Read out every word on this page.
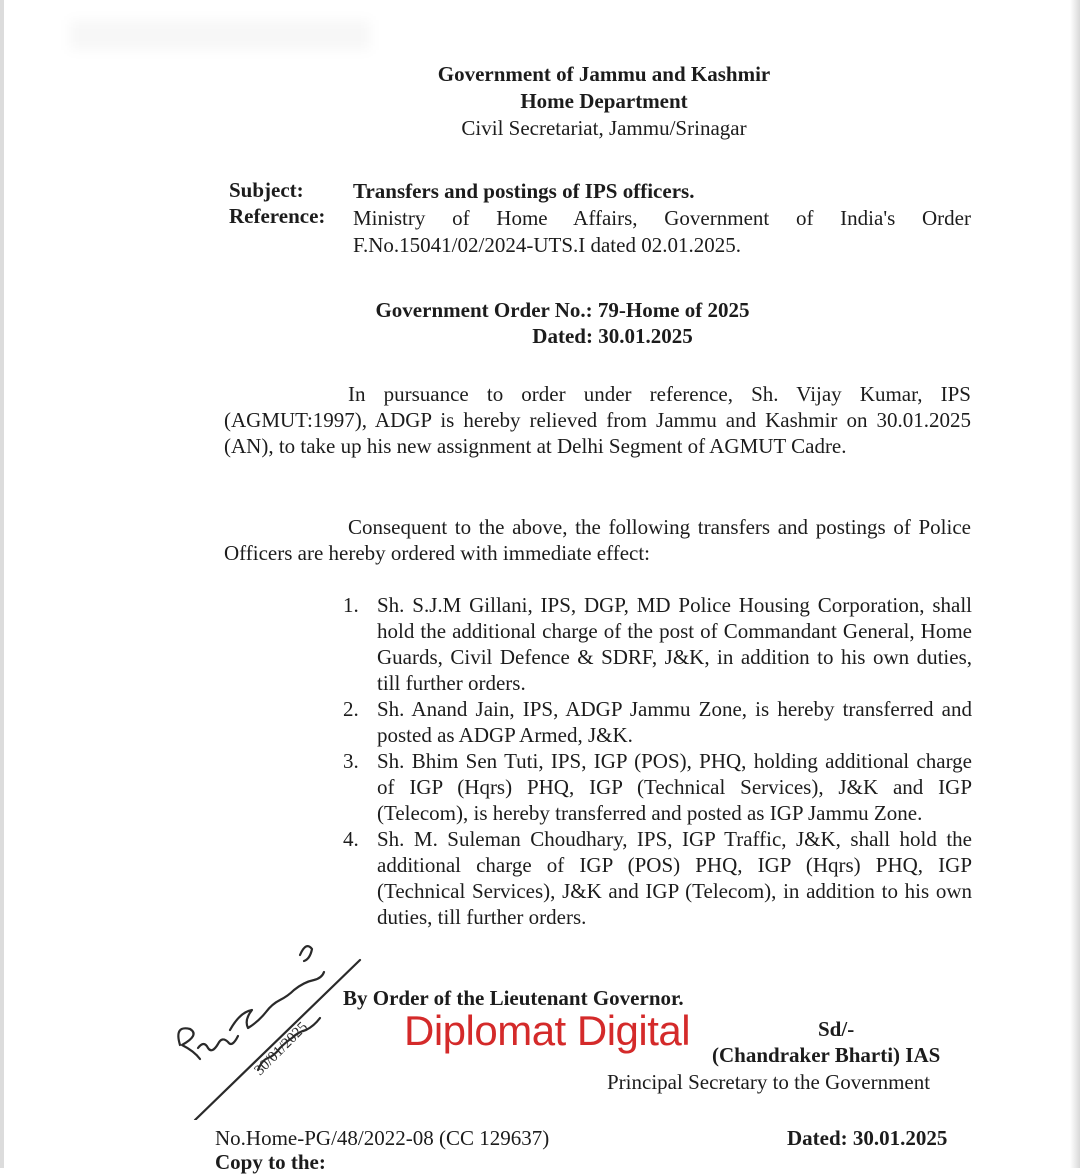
Government of Jammu and Kashmir
Home Department
Civil Secretariat, Jammu/Srinagar
Subject: Transfers and postings of IPS officers.
Reference: Ministry of Home Affairs, Government of India's Order
F.No.15041/02/2024-UTS.I dated 02.01.2025.
Government Order No.: 79-Home of 2025
Dated: 30.01.2025
In pursuance to order under reference, Sh. Vijay Kumar, IPS (AGMUT:1997), ADGP is hereby relieved from Jammu and Kashmir on 30.01.2025 (AN), to take up his new assignment at Delhi Segment of AGMUT Cadre.
Consequent to the above, the following transfers and postings of Police Officers are hereby ordered with immediate effect:
1. Sh. S.J.M Gillani, IPS, DGP, MD Police Housing Corporation, shall hold the additional charge of the post of Commandant General, Home Guards, Civil Defence & SDRF, J&K, in addition to his own duties, till further orders.
2. Sh. Anand Jain, IPS, ADGP Jammu Zone, is hereby transferred and posted as ADGP Armed, J&K.
3. Sh. Bhim Sen Tuti, IPS, IGP (POS), PHQ, holding additional charge of IGP (Hqrs) PHQ, IGP (Technical Services), J&K and IGP (Telecom), is hereby transferred and posted as IGP Jammu Zone.
4. Sh. M. Suleman Choudhary, IPS, IGP Traffic, J&K, shall hold the additional charge of IGP (POS) PHQ, IGP (Hqrs) PHQ, IGP (Technical Services), J&K and IGP (Telecom), in addition to his own duties, till further orders.
30/01/2025
By Order of the Lieutenant Governor.
Diplomat Digital	Sd/-
(Chandraker Bharti) IAS
Principal Secretary to the Government
No.Home-PG/48/2022-08 (CC 129637)	Dated: 30.01.2025
Copy to the:
